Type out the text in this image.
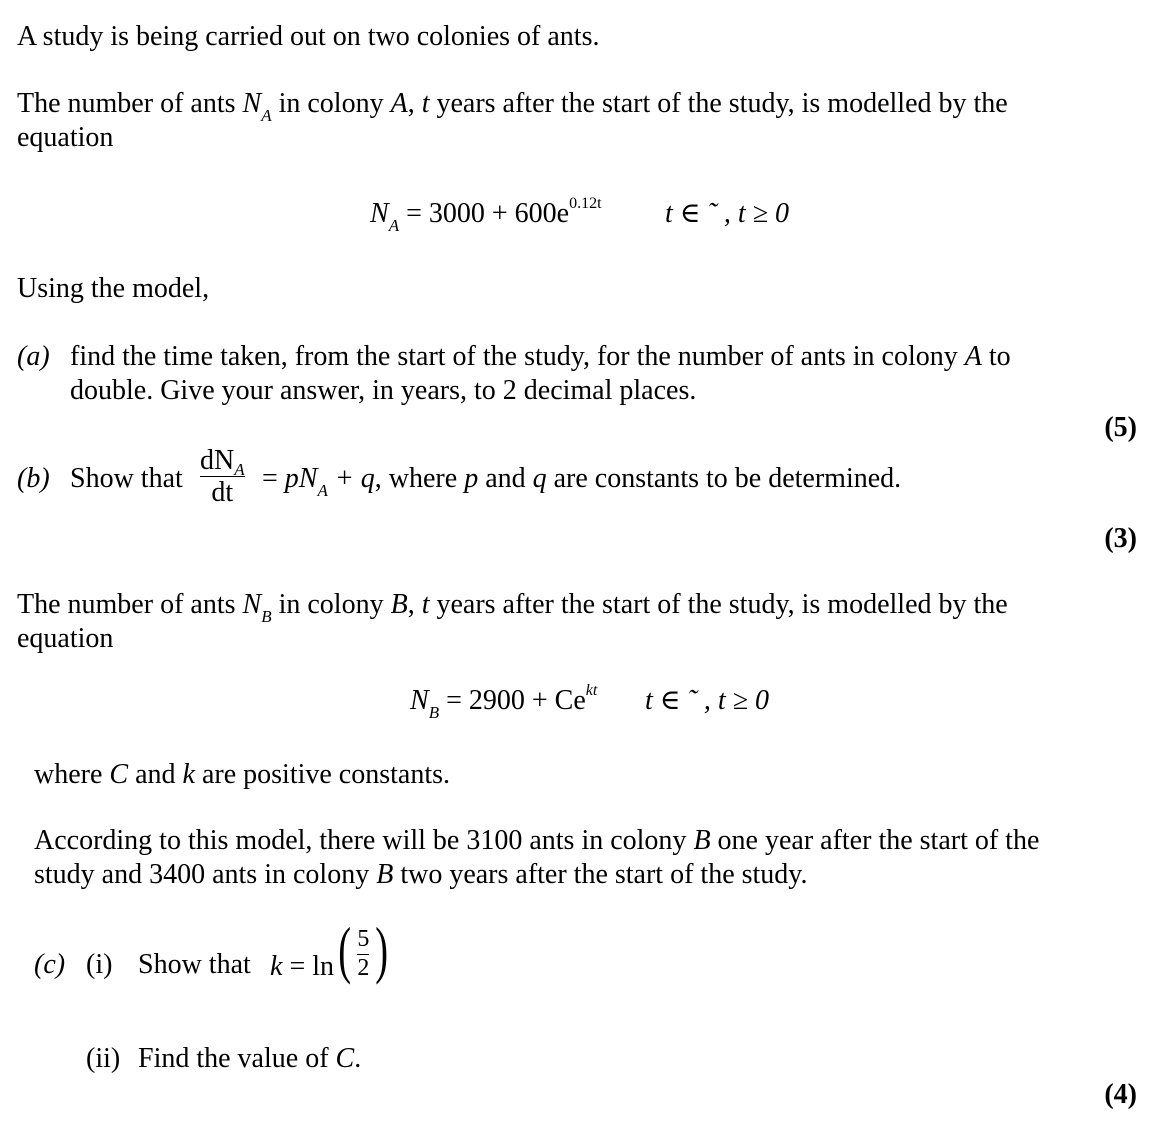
A study is being carried out on two colonies of ants.
The number of ants $N_A$ in colony A, t years after the start of the study, is modelled by the
equation
$N_A = 3000 + 600e^{0.12t}$ t ∈ ˜ , t ≥ 0
Using the model,
(a) find the time taken, from the start of the study, for the number of ants in colony A to
double. Give your answer, in years, to 2 decimal places.
(5)
(b) Show that $\frac{dN_A}{dt} = pN_A + q$, where p and q are constants to be determined.
(3)
The number of ants $N_B$ in colony B, t years after the start of the study, is modelled by the
equation
$N_B = 2900 + Ce^{kt}$ t ∈ ˜ , t ≥ 0
where C and k are positive constants.
According to this model, there will be 3100 ants in colony B one year after the start of the
study and 3400 ants in colony B two years after the start of the study.
(c) (i) Show that k = ln ( $\frac{5}{2}$ )
(ii) Find the value of C.
(4)
